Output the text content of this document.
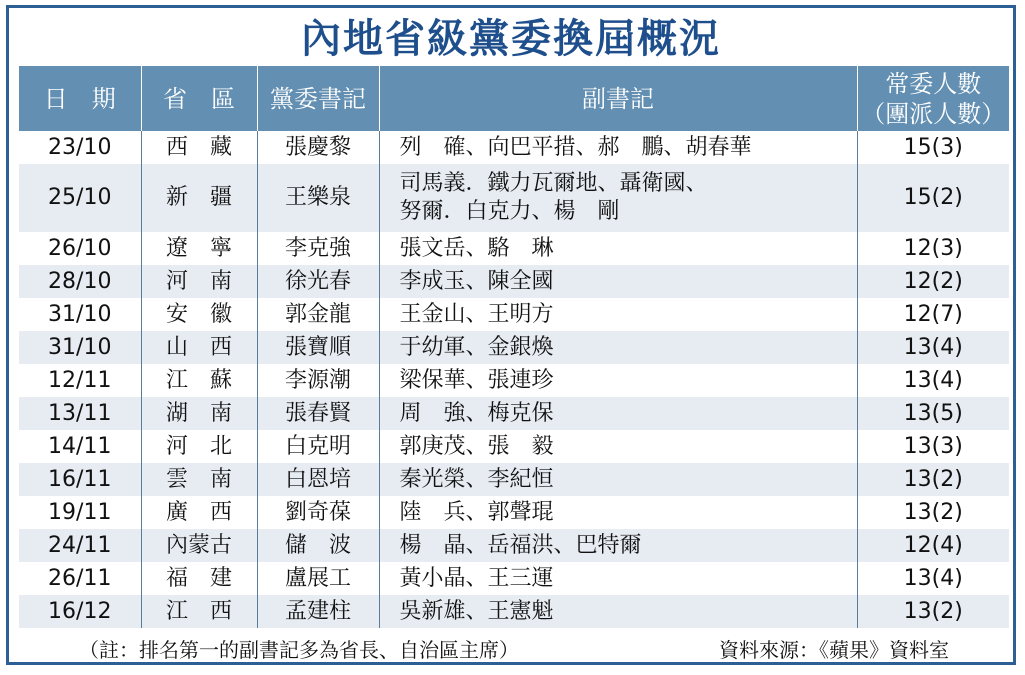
內地省級黨委換屆概況
日　期	省　區	黨委書記	副書記	常委人數
（團派人數）

23/10	西　藏	張慶黎	列　確、向巴平措、郝　鵬、胡春華	15(3)
25/10	新　疆	王樂泉	司馬義．鐵力瓦爾地、聶衛國、
努爾．白克力、楊　剛	15(2)
26/10	遼　寧	李克強	張文岳、駱　琳	12(3)
28/10	河　南	徐光春	李成玉、陳全國	12(2)
31/10	安　徽	郭金龍	王金山、王明方	12(7)
31/10	山　西	張寶順	于幼軍、金銀煥	13(4)
12/11	江　蘇	李源潮	梁保華、張連珍	13(4)
13/11	湖　南	張春賢	周　強、梅克保	13(5)
14/11	河　北	白克明	郭庚茂、張　毅	13(3)
16/11	雲　南	白恩培	秦光榮、李紀恒	13(2)
19/11	廣　西	劉奇葆	陸　兵、郭聲琨	13(2)
24/11	內蒙古	儲　波	楊　晶、岳福洪、巴特爾	12(4)
26/11	福　建	盧展工	黃小晶、王三運	13(4)
16/12	江　西	孟建柱	吳新雄、王憲魁	13(2)
（註：排名第一的副書記多為省長、自治區主席）	資料來源：《蘋果》資料室
